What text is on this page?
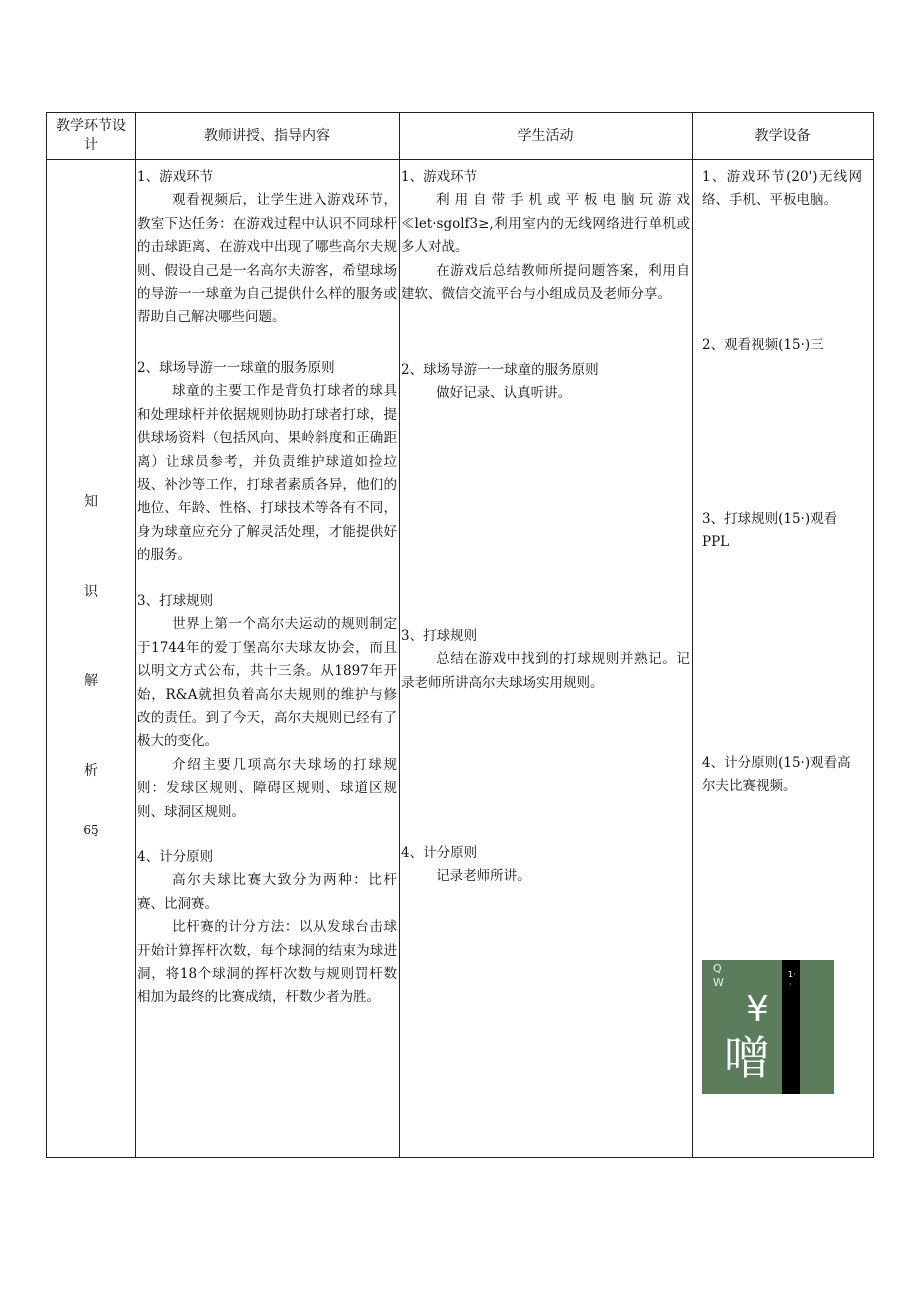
教学环节设计
教师讲授、指导内容	学生活动	教学设备
知
识
解
析
65̧

1、游戏环节

观看视频后，让学生进入游戏环节，教室下达任务：在游戏过程中认识不同球杆的击球距离、在游戏中出现了哪些高尔夫规则、假设自己是一名高尔夫游客，希望球场的导游一一球童为自己提供什么样的服务或帮助自己解决哪些问题。

2、球场导游一一球童的服务原则

球童的主要工作是背负打球者的球具和处理球杆并依据规则协助打球者打球，提供球场资料（包括风向、果岭斜度和正确距离）让球员参考，并负责维护球道如捡垃圾、补沙等工作，打球者素质各异，他们的地位、年龄、性格、打球技术等各有不同，身为球童应充分了解灵活处理，才能提供好的服务。

3、打球规则

世界上第一个高尔夫运动的规则制定于1744年的爱丁堡高尔夫球友协会，而且以明文方式公布，共十三条。从1897年开始，R&A就担负着高尔夫规则的维护与修改的责任。到了今天，高尔夫规则已经有了极大的变化。

介绍主要几项高尔夫球场的打球规则：发球区规则、障碍区规则、球道区规则、球洞区规则。

4、计分原则

高尔夫球比赛大致分为两种：比杆赛、比洞赛。

比杆赛的计分方法：以从发球台击球开始计算挥杆次数，每个球洞的结束为球进洞，将18个球洞的挥杆次数与规则罚杆数相加为最终的比赛成绩，杆数少者为胜。

1、游戏环节

利用自带手机或平板电脑玩游戏≪let·sgolf3≥,利用室内的无线网络进行单机或多人对战。

在游戏后总结教师所提问题答案，利用自建软、微信交流平台与小组成员及老师分享。

2、球场导游一一球童的服务原则

做好记录、认真听讲。

3、打球规则

总结在游戏中找到的打球规则并熟记。记录老师所讲高尔夫球场实用规则。

4、计分原则

记录老师所讲。

1、游戏环节(20')无线网络、手机、平板电脑。
2、观看视频(15·)三
3、打球规则(15·)观看PPL
4、计分原则(15·)观看高尔夫比赛视频。
Q
W
1·
·
¥
噌
